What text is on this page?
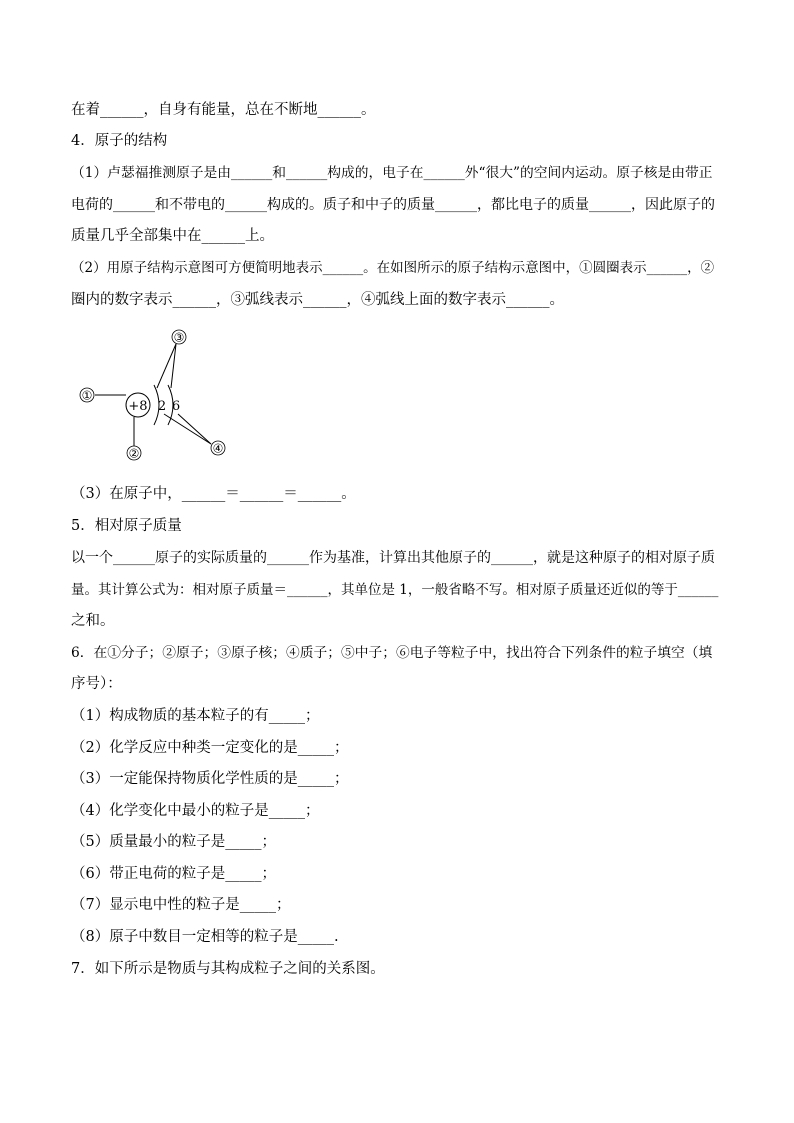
在着______，自身有能量，总在不断地______。
4．原子的结构
（1）卢瑟福推测原子是由______和______构成的，电子在______外“很大”的空间内运动。原子核是由带正
电荷的______和不带电的______构成的。质子和中子的质量______，都比电子的质量______，因此原子的
质量几乎全部集中在______上。
（2）用原子结构示意图可方便简明地表示______。在如图所示的原子结构示意图中，①圆圈表示______，②
圈内的数字表示______，③弧线表示______，④弧线上面的数字表示______。
+8
①
②
2 6
③
④
（3）在原子中，______＝______＝______。
5．相对原子质量
以一个______原子的实际质量的______作为基准，计算出其他原子的______，就是这种原子的相对原子质
量。其计算公式为：相对原子质量＝______，其单位是 1，一般省略不写。相对原子质量还近似的等于______
之和。
6．在①分子；②原子；③原子核；④质子；⑤中子；⑥电子等粒子中，找出符合下列条件的粒子填空（填
序号）：
（1）构成物质的基本粒子的有_____；
（2）化学反应中种类一定变化的是_____；
（3）一定能保持物质化学性质的是_____；
（4）化学变化中最小的粒子是_____；
（5）质量最小的粒子是_____；
（6）带正电荷的粒子是_____；
（7）显示电中性的粒子是_____；
（8）原子中数目一定相等的粒子是_____.
7．如下所示是物质与其构成粒子之间的关系图。
